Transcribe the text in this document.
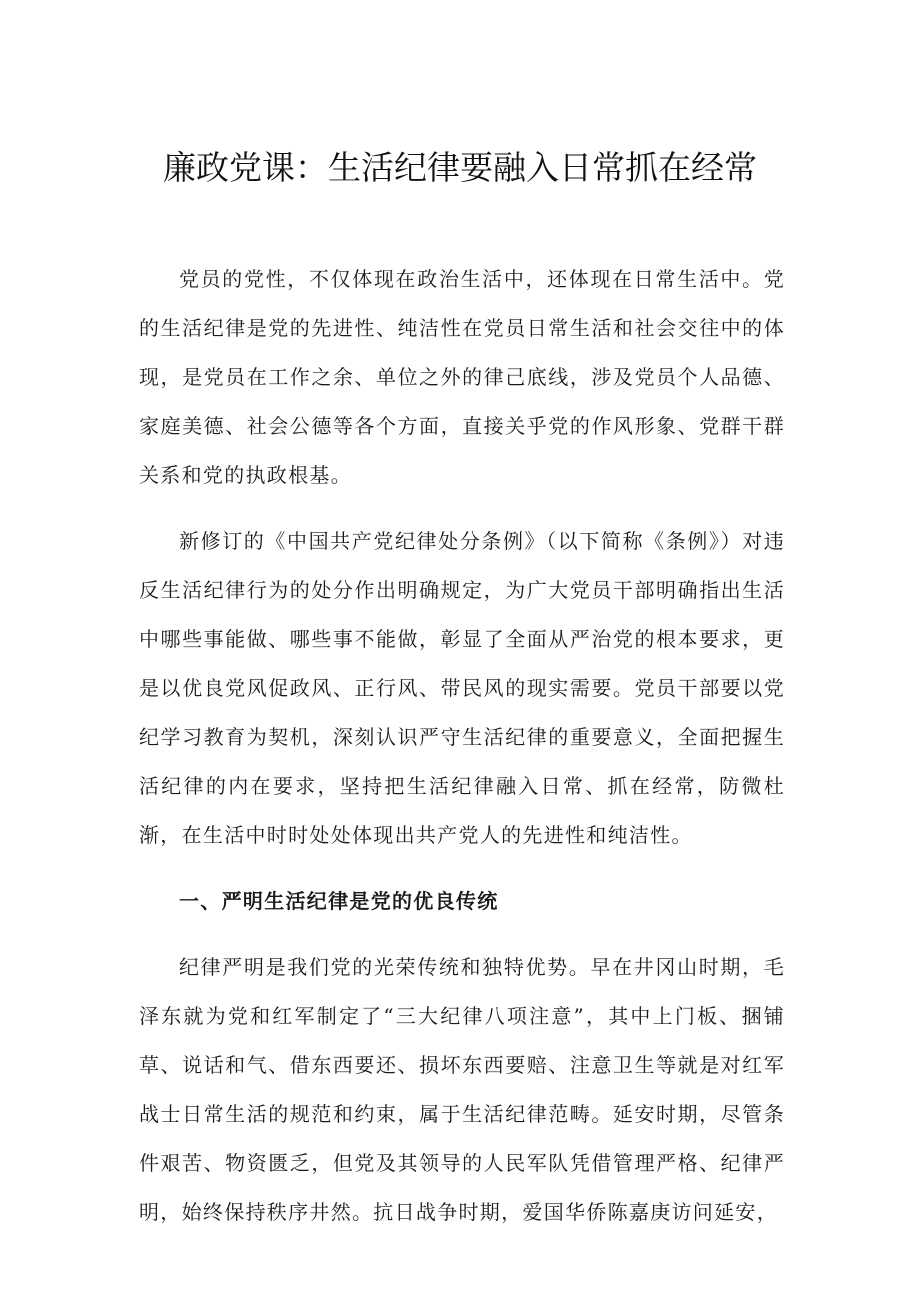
廉政党课：生活纪律要融入日常抓在经常

党员的党性，不仅体现在政治生活中，还体现在日常生活中。党的生活纪律是党的先进性、纯洁性在党员日常生活和社会交往中的体现，是党员在工作之余、单位之外的律己底线，涉及党员个人品德、家庭美德、社会公德等各个方面，直接关乎党的作风形象、党群干群关系和党的执政根基。

新修订的《中国共产党纪律处分条例》（以下简称《条例》）对违反生活纪律行为的处分作出明确规定，为广大党员干部明确指出生活中哪些事能做、哪些事不能做，彰显了全面从严治党的根本要求，更是以优良党风促政风、正行风、带民风的现实需要。党员干部要以党纪学习教育为契机，深刻认识严守生活纪律的重要意义，全面把握生活纪律的内在要求，坚持把生活纪律融入日常、抓在经常，防微杜渐，在生活中时时处处体现出共产党人的先进性和纯洁性。

一、严明生活纪律是党的优良传统

纪律严明是我们党的光荣传统和独特优势。早在井冈山时期，毛泽东就为党和红军制定了“三大纪律八项注意”，其中上门板、捆铺草、说话和气、借东西要还、损坏东西要赔、注意卫生等就是对红军战士日常生活的规范和约束，属于生活纪律范畴。延安时期，尽管条件艰苦、物资匮乏，但党及其领导的人民军队凭借管理严格、纪律严明，始终保持秩序井然。抗日战争时期，爱国华侨陈嘉庚访问延安，
